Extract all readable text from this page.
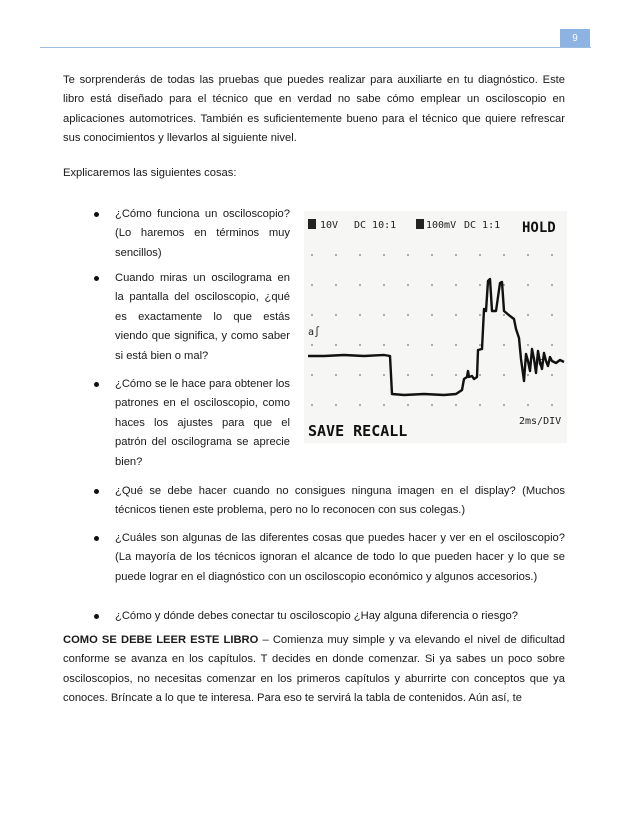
9

Te sorprenderás de todas las pruebas que puedes realizar para auxiliarte en tu diagnóstico. Este libro está diseñado para el técnico que en verdad no sabe cómo emplear un osciloscopio en aplicaciones automotrices. También es suficientemente bueno para el técnico que quiere refrescar sus conocimientos y llevarlos al siguiente nivel.

Explicaremos las siguientes cosas:

¿Cómo funciona un osciloscopio? (Lo haremos en términos muy sencillos)

Cuando miras un oscilograma en la pantalla del osciloscopio, ¿qué es exactamente lo que estás viendo que significa, y como saber si está bien o mal?

¿Cómo se le hace para obtener los patrones en el osciloscopio, como haces los ajustes para que el patrón del oscilograma se aprecie bien?

¿Qué se debe hacer cuando no consigues ninguna imagen en el display? (Muchos técnicos tienen este problema, pero no lo reconocen con sus colegas.)

¿Cuáles son algunas de las diferentes cosas que puedes hacer y ver en el osciloscopio? (La mayoría de los técnicos ignoran el alcance de todo lo que pueden hacer y lo que se puede lograr en el diagnóstico con un osciloscopio económico y algunos accesorios.)

¿Cómo y dónde debes conectar tu osciloscopio ¿Hay alguna diferencia o riesgo?

10V DC 10:1	100mV DC 1:1 HOLD
a∫
θ
2ms/DIV
SAVE RECALL

COMO SE DEBE LEER ESTE LIBRO – Comienza muy simple y va elevando el nivel de dificultad conforme se avanza en los capítulos. T decides en donde comenzar. Si ya sabes un poco sobre osciloscopios, no necesitas comenzar en los primeros capítulos y aburrirte con conceptos que ya conoces. Bríncate a lo que te interesa. Para eso te servirá la tabla de contenidos. Aún así, te
